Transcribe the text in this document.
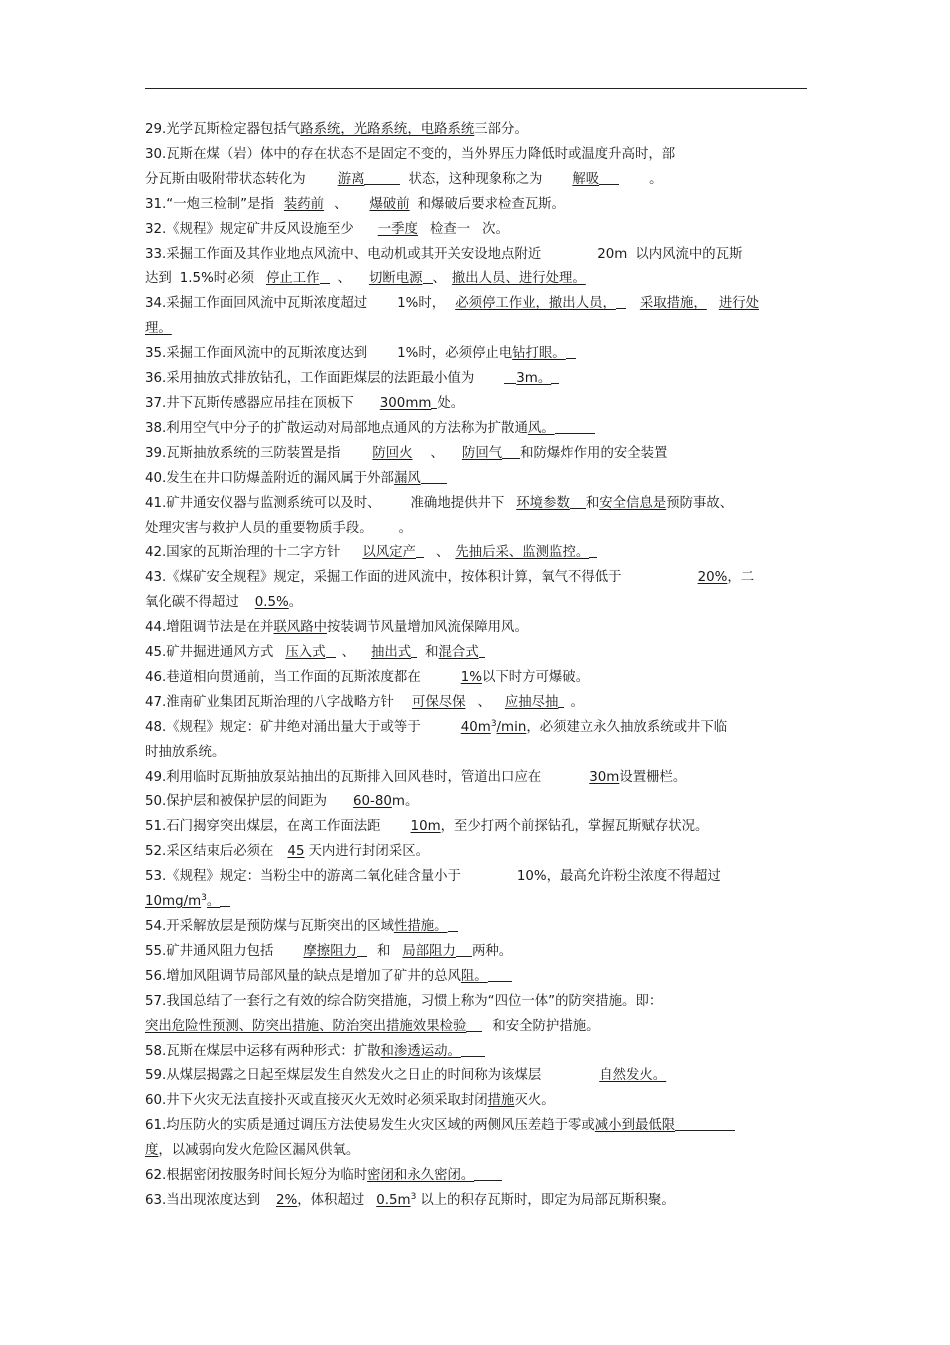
29.光学瓦斯检定器包括气路系统，光路系统，电路系统三部分。

30.瓦斯在煤（岩）体中的存在状态不是固定不变的，当外界压力降低时或温度升高时，部

分瓦斯由吸附带状态转化为 游离	状态，这种现象称之为 解吸	。

31.“一炮三检制”是指 装药前 、 爆破前 和爆破后要求检查瓦斯。

32.《规程》规定矿井反风设施至少 一季度 检查一 次。

33.采掘工作面及其作业地点风流中、电动机或其开关安设地点附近	20m 以内风流中的瓦斯

达到 1.5%时必须 停止工作 、 切断电源 、 撤出人员、进行处理。

34.采掘工作面回风流中瓦斯浓度超过 1%时， 必须停工作业，撤出人员， 采取措施， 进行处

理。

35.采掘工作面风流中的瓦斯浓度达到 1%时，必须停止电钻打眼。

36.采用抽放式排放钻孔，工作面距煤层的法距最小值为	3m。

37.井下瓦斯传感器应吊挂在顶板下 300mm 处。

38.利用空气中分子的扩散运动对局部地点通风的方法称为扩散通风。

39.瓦斯抽放系统的三防装置是指 防回火 、 防回气 和防爆炸作用的安全装置

40.发生在井口防爆盖附近的漏风属于外部漏风

41.矿井通安仪器与监测系统可以及时、 准确地提供井下 环境参数 和安全信息是预防事故、

处理灾害与救护人员的重要物质手段。 。

42.国家的瓦斯治理的十二字方针 以风定产 、 先抽后采、监测监控。

43.《煤矿安全规程》规定，采掘工作面的进风流中，按体积计算，氧气不得低于	20%，二

氧化碳不得超过 0.5%。

44.增阻调节法是在并联风路中按装调节风量增加风流保障用风。

45.矿井掘进通风方式 压入式 、 抽出式 和混合式

46.巷道相向贯通前，当工作面的瓦斯浓度都在	1%以下时方可爆破。

47.淮南矿业集团瓦斯治理的八字战略方针 可保尽保 、 应抽尽抽 。

48.《规程》规定：矿井绝对涌出量大于或等于	$40m^3/\min$，必须建立永久抽放系统或井下临

时抽放系统。

49.利用临时瓦斯抽放泵站抽出的瓦斯排入回风巷时，管道出口应在	30m设置栅栏。

50.保护层和被保护层的间距为 60-80m。

51.石门揭穿突出煤层，在离工作面法距 10m，至少打两个前探钻孔，掌握瓦斯赋存状况。

52.采区结束后必须在 45 天内进行封闭采区。

53.《规程》规定：当粉尘中的游离二氧化硅含量小于	10%，最高允许粉尘浓度不得超过

$10mg/m^3$。

54.开采解放层是预防煤与瓦斯突出的区域性措施。

55.矿井通风阻力包括 摩擦阻力 和 局部阻力 两种。

56.增加风阻调节局部风量的缺点是增加了矿井的总风阻。

57.我国总结了一套行之有效的综合防突措施，习惯上称为“四位一体”的防突措施。即：

突出危险性预测、防突出措施、防治突出措施效果检验 和安全防护措施。

58.瓦斯在煤层中运移有两种形式：扩散和渗透运动。

59.从煤层揭露之日起至煤层发生自然发火之日止的时间称为该煤层	自然发火。

60.井下火灾无法直接扑灭或直接灭火无效时必须采取封闭措施灭火。

61.均压防火的实质是通过调压方法使易发生火灾区域的两侧风压差趋于零或减小到最低限

度，以减弱向发火危险区漏风供氧。

62.根据密闭按服务时间长短分为临时密闭和永久密闭。

63.当出现浓度达到 2%，体积超过 $0.5m^3$ 以上的积存瓦斯时，即定为局部瓦斯积聚。
